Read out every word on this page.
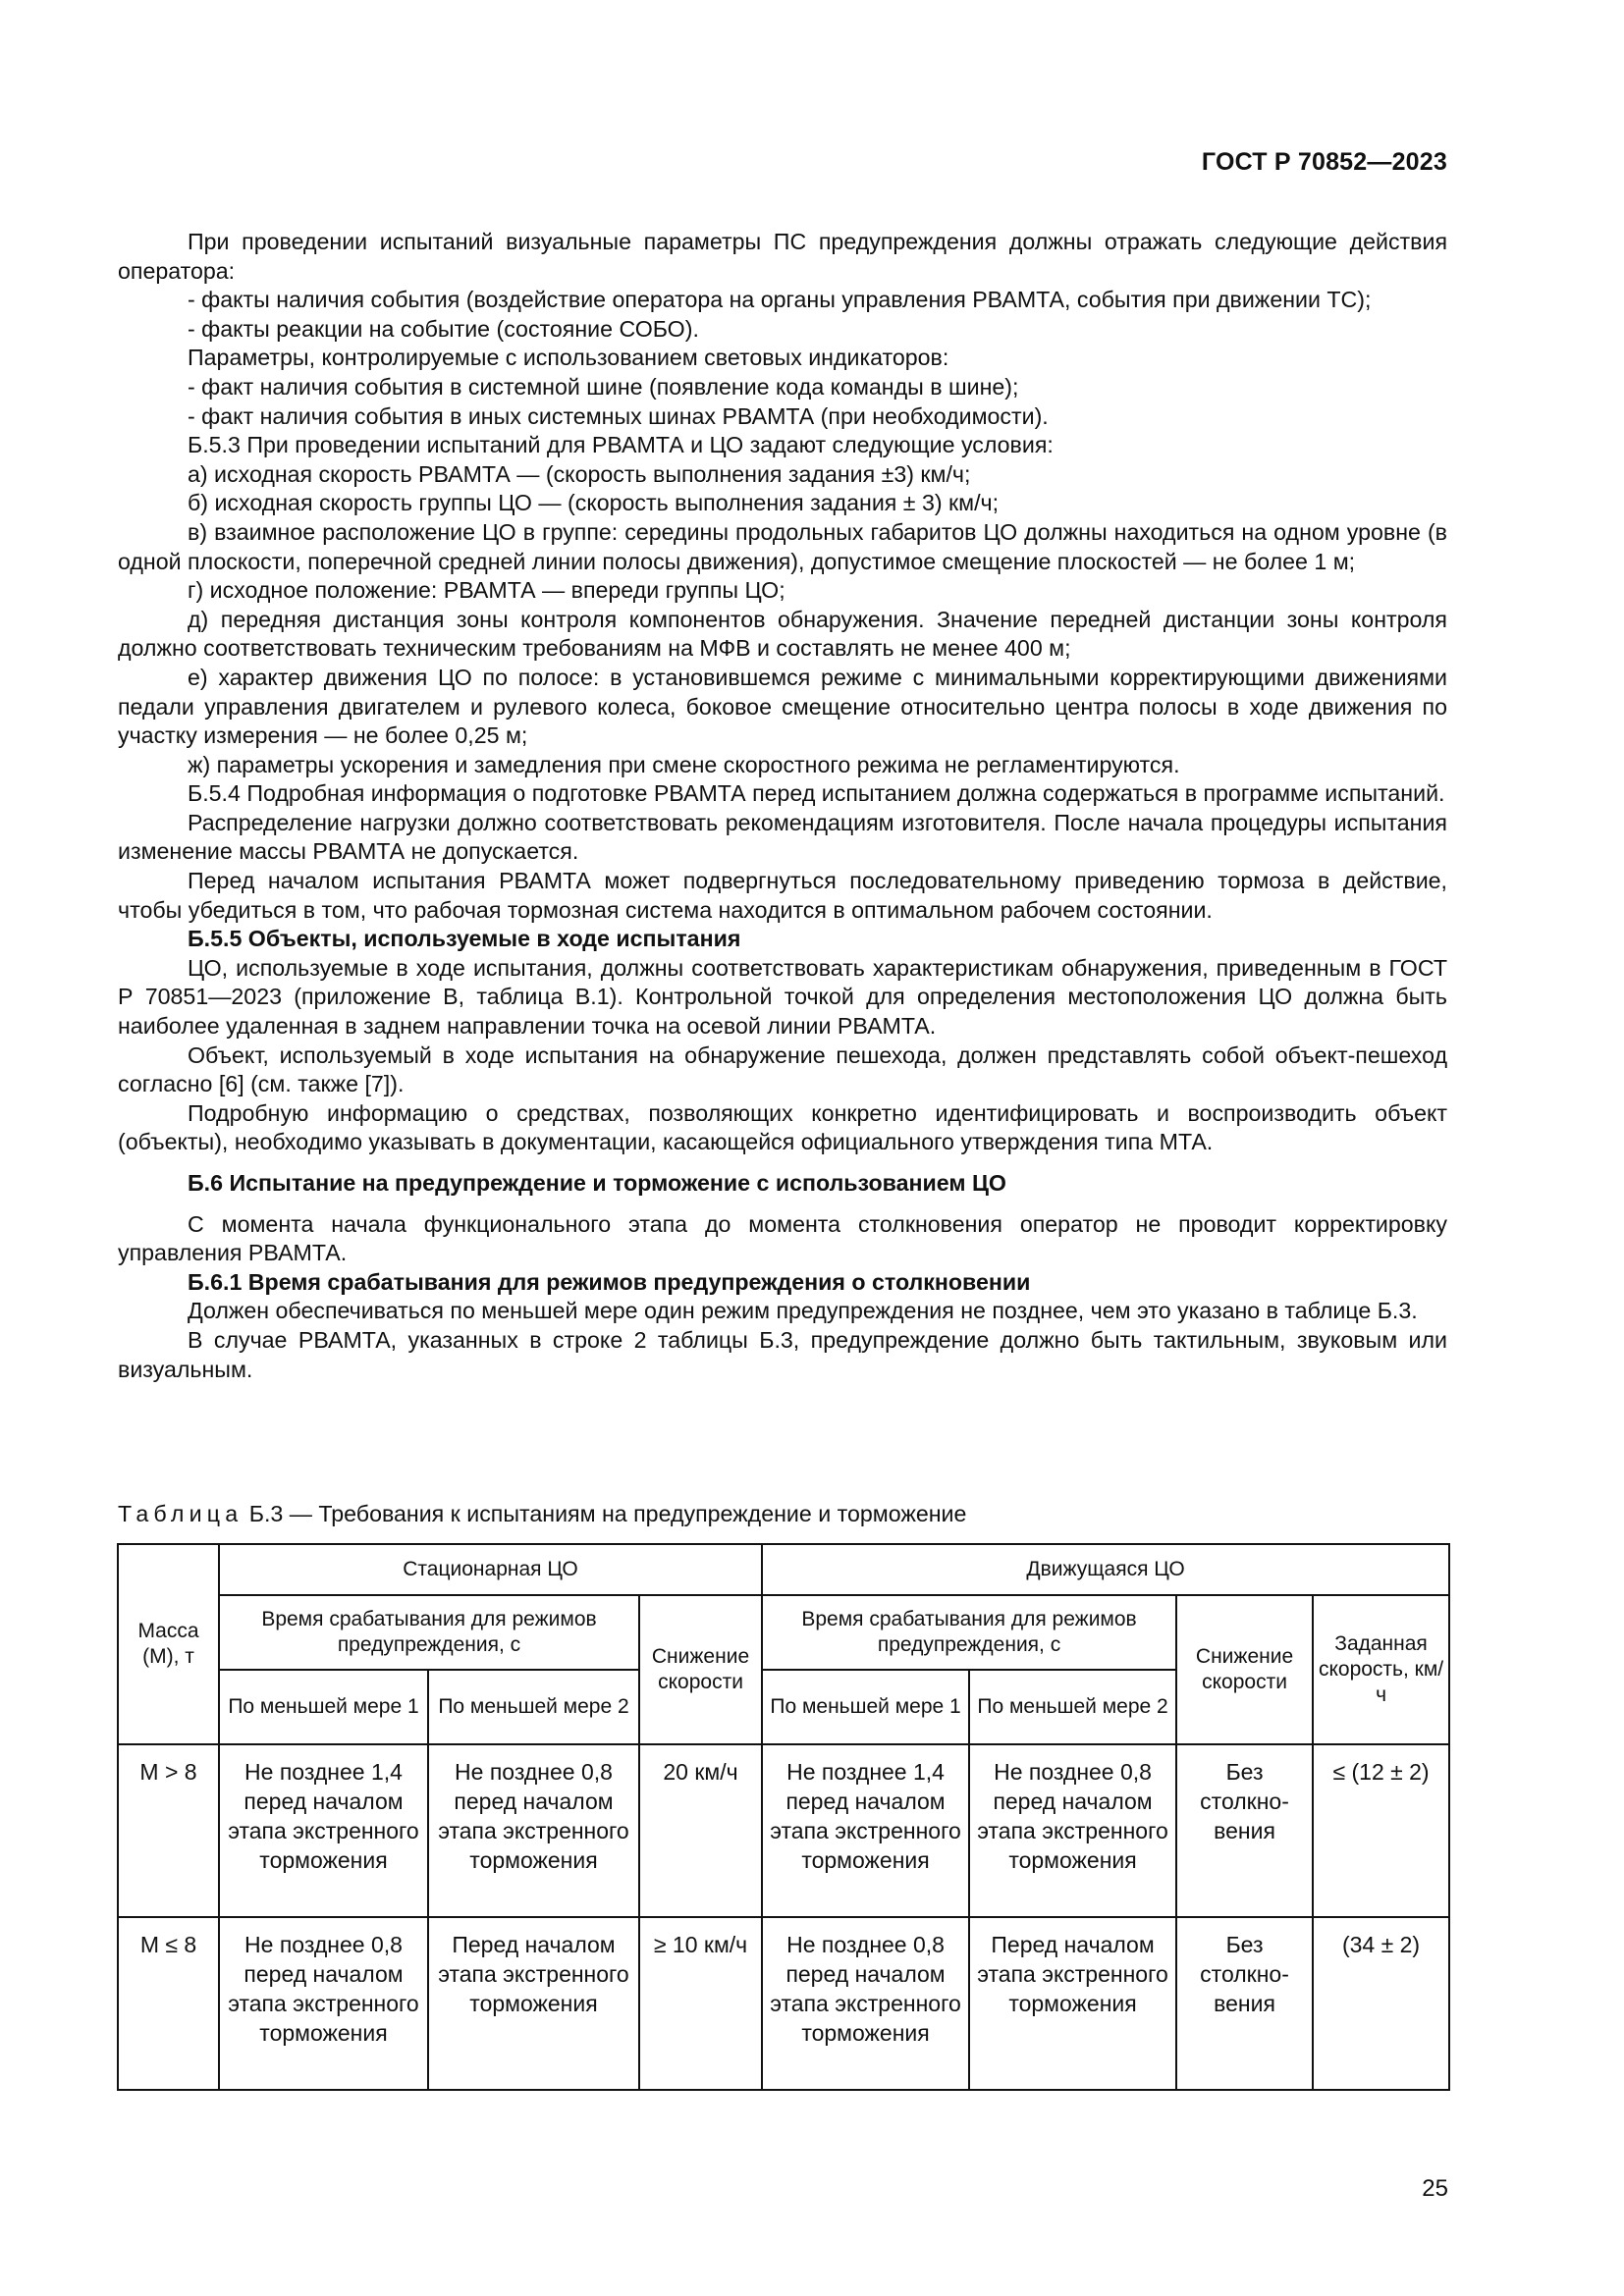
ГОСТ Р 70852—2023

При проведении испытаний визуальные параметры ПС предупреждения должны отражать следующие действия оператора:

- факты наличия события (воздействие оператора на органы управления РВАМТА, события при движении ТС);

- факты реакции на событие (состояние СОБО).

Параметры, контролируемые с использованием световых индикаторов:

- факт наличия события в системной шине (появление кода команды в шине);

- факт наличия события в иных системных шинах РВАМТА (при необходимости).

Б.5.3 При проведении испытаний для РВАМТА и ЦО задают следующие условия:

а) исходная скорость РВАМТА — (скорость выполнения задания ±3) км/ч;

б) исходная скорость группы ЦО — (скорость выполнения задания ± 3) км/ч;

в) взаимное расположение ЦО в группе: середины продольных габаритов ЦО должны находиться на одном уровне (в одной плоскости, поперечной средней линии полосы движения), допустимое смещение плоскостей — не более 1 м;

г) исходное положение: РВАМТА — впереди группы ЦО;

д) передняя дистанция зоны контроля компонентов обнаружения. Значение передней дистанции зоны контроля должно соответствовать техническим требованиям на МФВ и составлять не менее 400 м;

е) характер движения ЦО по полосе: в установившемся режиме с минимальными корректирующими движениями педали управления двигателем и рулевого колеса, боковое смещение относительно центра полосы в ходе движения по участку измерения — не более 0,25 м;

ж) параметры ускорения и замедления при смене скоростного режима не регламентируются.

Б.5.4 Подробная информация о подготовке РВАМТА перед испытанием должна содержаться в программе испытаний.

Распределение нагрузки должно соответствовать рекомендациям изготовителя. После начала процедуры испытания изменение массы РВАМТА не допускается.

Перед началом испытания РВАМТА может подвергнуться последовательному приведению тормоза в действие, чтобы убедиться в том, что рабочая тормозная система находится в оптимальном рабочем состоянии.

Б.5.5 Объекты, используемые в ходе испытания

ЦО, используемые в ходе испытания, должны соответствовать характеристикам обнаружения, приведенным в ГОСТ Р 70851—2023 (приложение В, таблица В.1). Контрольной точкой для определения местоположения ЦО должна быть наиболее удаленная в заднем направлении точка на осевой линии РВАМТА.

Объект, используемый в ходе испытания на обнаружение пешехода, должен представлять собой объект-пешеход согласно [6] (см. также [7]).

Подробную информацию о средствах, позволяющих конкретно идентифицировать и воспроизводить объект (объекты), необходимо указывать в документации, касающейся официального утверждения типа МТА.

Б.6 Испытание на предупреждение и торможение с использованием ЦО

С момента начала функционального этапа до момента столкновения оператор не проводит корректировку управления РВАМТА.

Б.6.1 Время срабатывания для режимов предупреждения о столкновении

Должен обеспечиваться по меньшей мере один режим предупреждения не позднее, чем это указано в таблице Б.3.

В случае РВАМТА, указанных в строке 2 таблицы Б.3, предупреждение должно быть тактильным, звуковым или визуальным.

Таблица Б.3 — Требования к испытаниям на предупреждение и торможение
Масса (М), т	Стационарная ЦО			Движущаяся ЦО			
	Время срабатывания для режимов предупреждения, с		Снижение скорости	Время срабатывания для режимов предупреждения, с		Снижение скорости	Заданная скорость, км/ч
	По меньшей мере 1	По меньшей мере 2		По меньшей мере 1	По меньшей мере 2		
М > 8	Не позднее 1,4 перед началом этапа экстренного торможения	Не позднее 0,8 перед началом этапа экстренного торможения	20 км/ч	Не позднее 1,4 перед началом этапа экстренного торможения	Не позднее 0,8 перед началом этапа экстренного торможения	Без столкновения	≤ (12 ± 2)
М ≤ 8	Не позднее 0,8 перед началом этапа экстренного торможения	Перед началом этапа экстренного торможения	≥ 10 км/ч	Не позднее 0,8 перед началом этапа экстренного торможения	Перед началом этапа экстренного торможения	Без столкновения	(34 ± 2)
25
